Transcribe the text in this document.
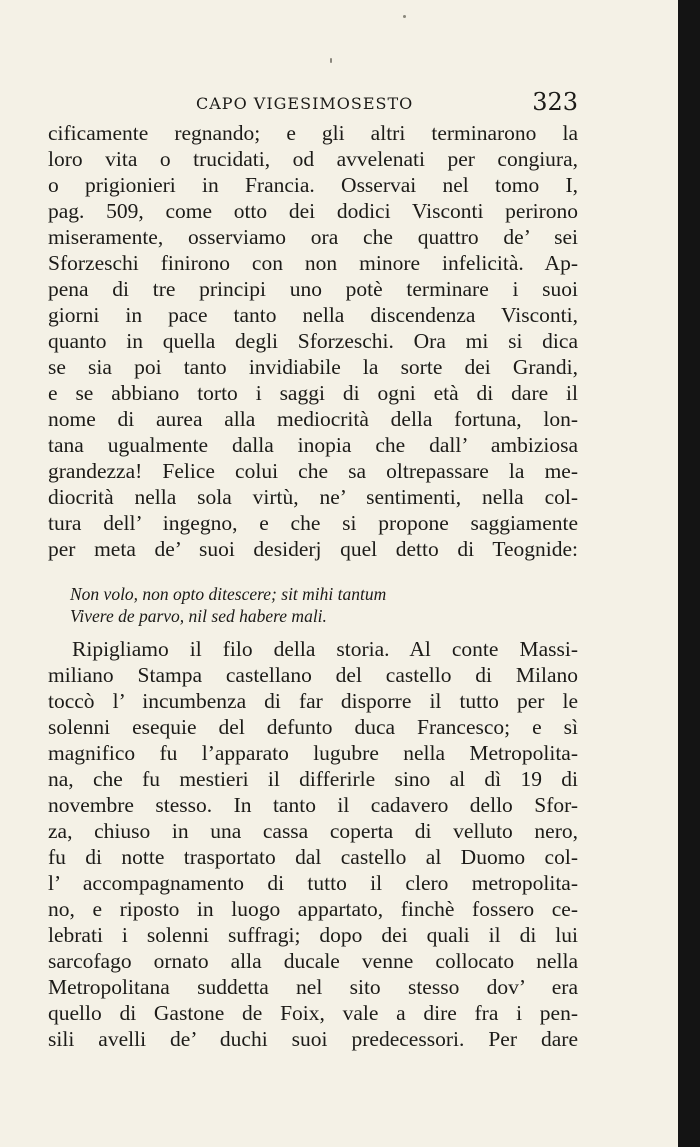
CAPO VIGESIMOSESTO	323
cificamente regnando; e gli altri terminarono la
loro vita o trucidati, od avvelenati per congiura,
o prigionieri in Francia. Osservai nel tomo I,
pag. 509, come otto dei dodici Visconti perirono
miseramente, osserviamo ora che quattro de’ sei
Sforzeschi finirono con non minore infelicità. Ap-
pena di tre principi uno potè terminare i suoi
giorni in pace tanto nella discendenza Visconti,
quanto in quella degli Sforzeschi. Ora mi si dica
se sia poi tanto invidiabile la sorte dei Grandi,
e se abbiano torto i saggi di ogni età di dare il
nome di aurea alla mediocrità della fortuna, lon-
tana ugualmente dalla inopia che dall’ ambiziosa
grandezza! Felice colui che sa oltrepassare la me-
diocrità nella sola virtù, ne’ sentimenti, nella col-
tura dell’ ingegno, e che si propone saggiamente
per meta de’ suoi desiderj quel detto di Teognide:
Non volo, non opto ditescere; sit mihi tantum
Vivere de parvo, nil sed habere mali.
Ripigliamo il filo della storia. Al conte Massi-
miliano Stampa castellano del castello di Milano
toccò l’ incumbenza di far disporre il tutto per le
solenni esequie del defunto duca Francesco; e sì
magnifico fu l’apparato lugubre nella Metropolita-
na, che fu mestieri il differirle sino al dì 19 di
novembre stesso. In tanto il cadavero dello Sfor-
za, chiuso in una cassa coperta di velluto nero,
fu di notte trasportato dal castello al Duomo col-
l’ accompagnamento di tutto il clero metropolita-
no, e riposto in luogo appartato, finchè fossero ce-
lebrati i solenni suffragi; dopo dei quali il di lui
sarcofago ornato alla ducale venne collocato nella
Metropolitana suddetta nel sito stesso dov’ era
quello di Gastone de Foix, vale a dire fra i pen-
sili avelli de’ duchi suoi predecessori. Per dare
